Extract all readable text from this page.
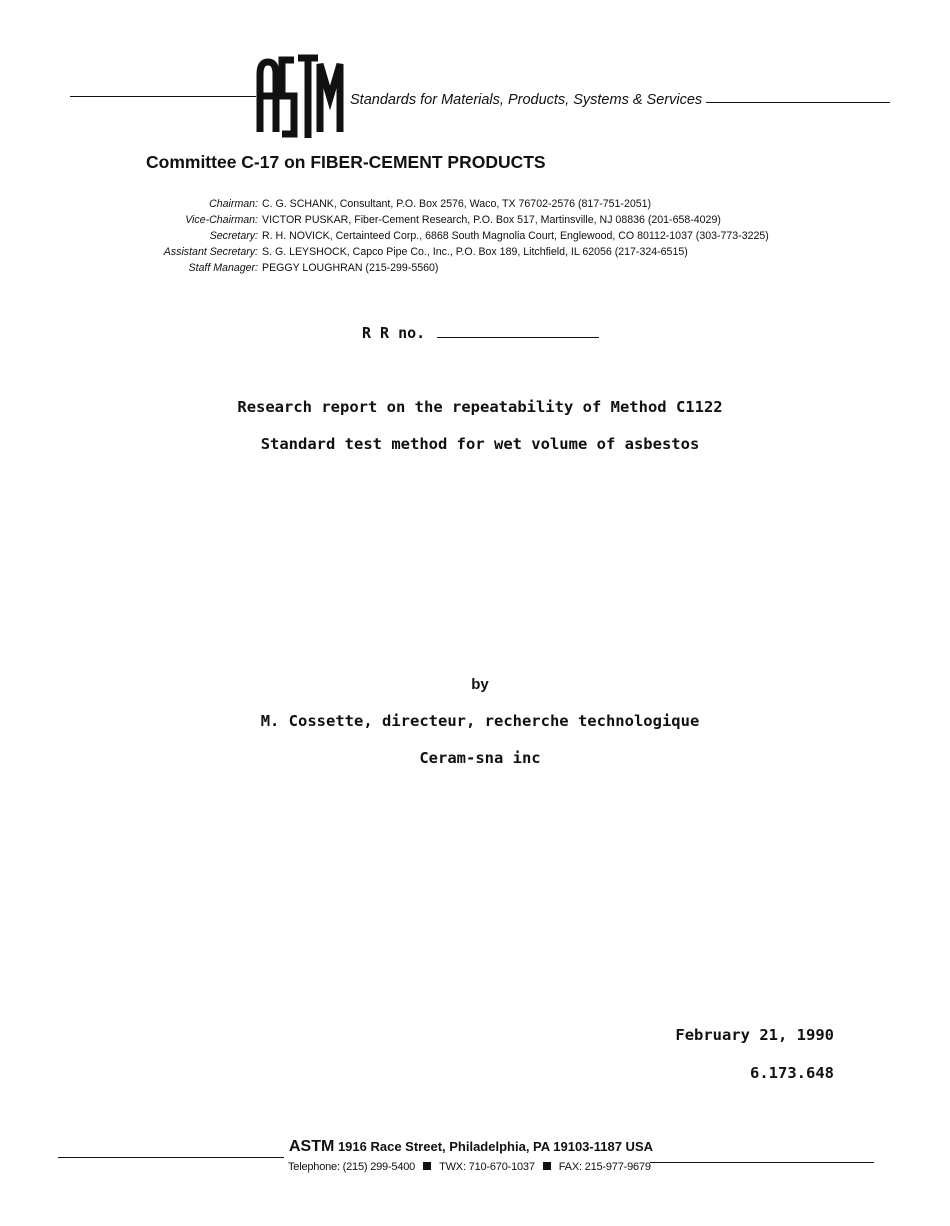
Standards for Materials, Products, Systems & Services
Committee C-17 on FIBER-CEMENT PRODUCTS
Chairman: C. G. SCHANK, Consultant, P.O. Box 2576, Waco, TX 76702-2576 (817-751-2051)
Vice-Chairman: VICTOR PUSKAR, Fiber-Cement Research, P.O. Box 517, Martinsville, NJ 08836 (201-658-4029)
Secretary: R. H. NOVICK, Certainteed Corp., 6868 South Magnolia Court, Englewood, CO 80112-1037 (303-773-3225)
Assistant Secretary: S. G. LEYSHOCK, Capco Pipe Co., Inc., P.O. Box 189, Litchfield, IL 62056 (217-324-6515)
Staff Manager: PEGGY LOUGHRAN (215-299-5560)
R R no.
Research report on the repeatability of Method C1122
Standard test method for wet volume of asbestos
by
M. Cossette, directeur, recherche technologique
Ceram-sna inc
February 21, 1990
6.173.648
ASTM 1916 Race Street, Philadelphia, PA 19103-1187 USA
Telephone: (215) 299-5400 TWX: 710-670-1037 FAX: 215-977-9679
